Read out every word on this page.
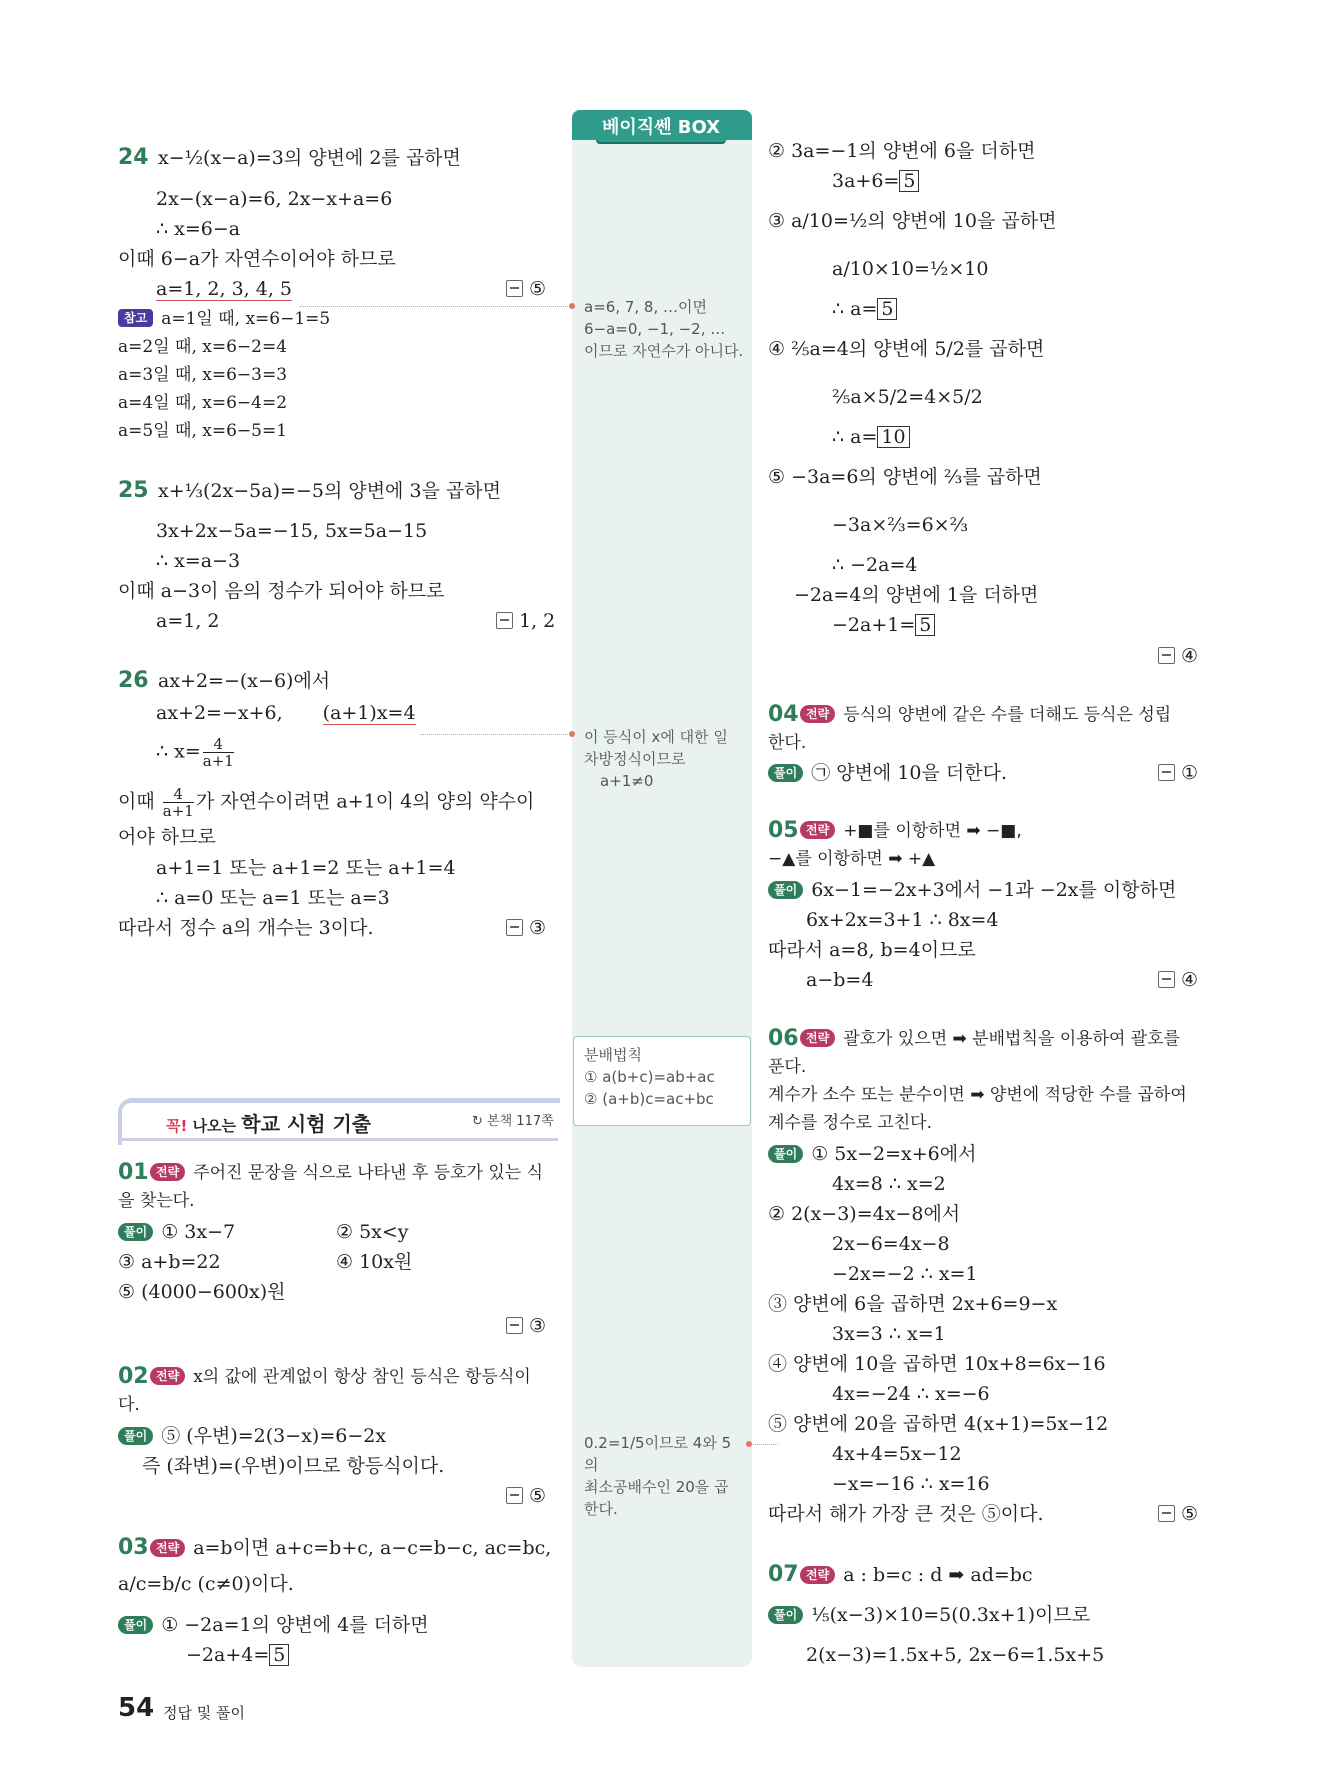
베이직쎈 BOX
a=6, 7, 8, …이면
6−a=0, −1, −2, …
이므로 자연수가 아니다.
이 등식이 x에 대한 일
차방정식이므로
a+1≠0
분배법칙
① a(b+c)=ab+ac
② (a+b)c=ac+bc
0.2=1/5이므로 4와 5의
최소공배수인 20을 곱
한다.
24 x−½(x−a)=3의 양변에 2를 곱하면
2x−(x−a)=6, 2x−x+a=6
∴ x=6−a
이때 6−a가 자연수이어야 하므로
a=1, 2, 3, 4, 5	⑤
참고 a=1일 때, x=6−1=5
a=2일 때, x=6−2=4
a=3일 때, x=6−3=3
a=4일 때, x=6−4=2
a=5일 때, x=6−5=1
25 x+⅓(2x−5a)=−5의 양변에 3을 곱하면
3x+2x−5a=−15, 5x=5a−15
∴ x=a−3
이때 a−3이 음의 정수가 되어야 하므로
a=1, 2	1, 2
26 ax+2=−(x−6)에서
ax+2=−x+6, (a+1)x=4
∴ $x= \frac{4}{a+1}$
이때 $\frac{4}{a+1}$ 가 자연수이려면 a+1이 4의 양의 약수이
어야 하므로
a+1=1 또는 a+1=2 또는 a+1=4
∴ a=0 또는 a=1 또는 a=3
따라서 정수 a의 개수는 3이다.	③
꼭! 나오는 학교 시험 기출	↻ 본책 117쪽
01 전략 주어진 문장을 식으로 나타낸 후 등호가 있는 식
을 찾는다.
풀이 ① 3x−7	② 5x<y
③ a+b=22	④ 10x원
⑤ (4000−600x)원
③
02 전략 x의 값에 관계없이 항상 참인 등식은 항등식이
다.
풀이 ⑤ (우변)=2(3−x)=6−2x
즉 (좌변)=(우변)이므로 항등식이다.
⑤
03 전략 a=b이면 a+c=b+c, a−c=b−c, ac=bc,
a/c=b/c (c≠0)이다.
풀이 ① −2a=1의 양변에 4를 더하면
−2a+4= 5
② 3a=−1의 양변에 6을 더하면
3a+6= 5
③ a/10=½의 양변에 10을 곱하면
a/10×10=½×10
∴ a= 5
④ ⅖a=4의 양변에 5/2를 곱하면
⅖a×5/2=4×5/2
∴ a= 10
⑤ −3a=6의 양변에 ⅔를 곱하면
−3a×⅔=6×⅔
∴ −2a=4
−2a=4의 양변에 1을 더하면
−2a+1= 5
④
04 전략 등식의 양변에 같은 수를 더해도 등식은 성립
한다.
풀이 ㉠ 양변에 10을 더한다.	①
05 전략 +■를 이항하면 ➡ −■,
−▲를 이항하면 ➡ +▲
풀이 6x−1=−2x+3에서 −1과 −2x를 이항하면
6x+2x=3+1 ∴ 8x=4
따라서 a=8, b=4이므로
a−b=4	④
06 전략 괄호가 있으면 ➡ 분배법칙을 이용하여 괄호를
푼다.
계수가 소수 또는 분수이면 ➡ 양변에 적당한 수를 곱하여
계수를 정수로 고친다.
풀이 ① 5x−2=x+6에서
4x=8 ∴ x=2
② 2(x−3)=4x−8에서
2x−6=4x−8
−2x=−2 ∴ x=1
③ 양변에 6을 곱하면 2x+6=9−x
3x=3 ∴ x=1
④ 양변에 10을 곱하면 10x+8=6x−16
4x=−24 ∴ x=−6
⑤ 양변에 20을 곱하면 4(x+1)=5x−12
4x+4=5x−12
−x=−16 ∴ x=16
따라서 해가 가장 큰 것은 ⑤이다.	⑤
07 전략 a : b=c : d ➡ ad=bc
풀이 ⅕(x−3)×10=5(0.3x+1)이므로
2(x−3)=1.5x+5, 2x−6=1.5x+5
54 정답 및 풀이
